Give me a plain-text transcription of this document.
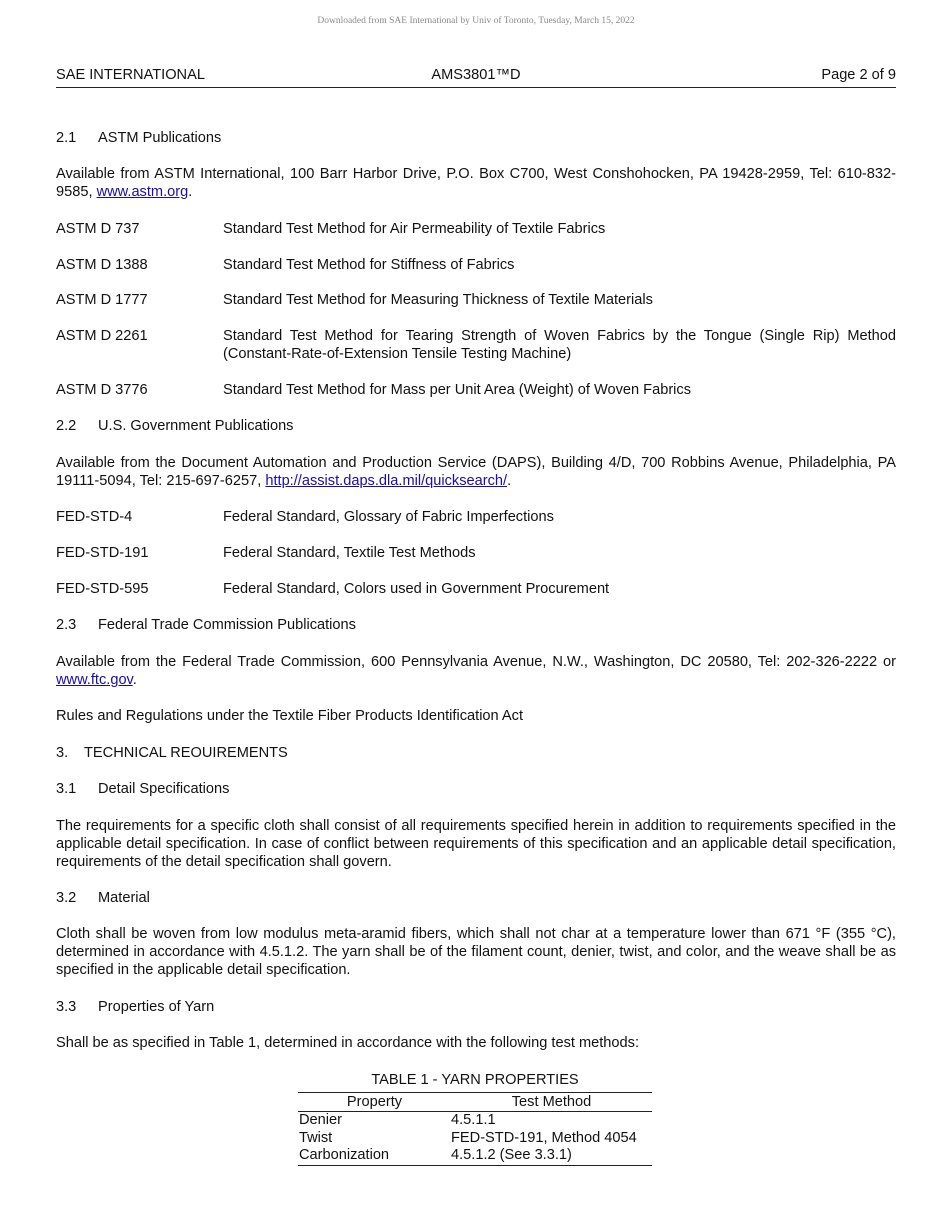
Downloaded from SAE International by Univ of Toronto, Tuesday, March 15, 2022
SAE INTERNATIONAL	AMS3801™D	Page 2 of 9
2.1 ASTM Publications
Available from ASTM International, 100 Barr Harbor Drive, P.O. Box C700, West Conshohocken, PA 19428-2959, Tel: 610-832-9585, www.astm.org.
ASTM D 737	Standard Test Method for Air Permeability of Textile Fabrics
ASTM D 1388	Standard Test Method for Stiffness of Fabrics
ASTM D 1777	Standard Test Method for Measuring Thickness of Textile Materials
ASTM D 2261	Standard Test Method for Tearing Strength of Woven Fabrics by the Tongue (Single Rip) Method (Constant-Rate-of-Extension Tensile Testing Machine)
ASTM D 3776	Standard Test Method for Mass per Unit Area (Weight) of Woven Fabrics
2.2 U.S. Government Publications
Available from the Document Automation and Production Service (DAPS), Building 4/D, 700 Robbins Avenue, Philadelphia, PA 19111-5094, Tel: 215-697-6257, http://assist.daps.dla.mil/quicksearch/.
FED-STD-4	Federal Standard, Glossary of Fabric Imperfections
FED-STD-191	Federal Standard, Textile Test Methods
FED-STD-595	Federal Standard, Colors used in Government Procurement
2.3 Federal Trade Commission Publications
Available from the Federal Trade Commission, 600 Pennsylvania Avenue, N.W., Washington, DC 20580, Tel: 202-326-2222 or www.ftc.gov.
Rules and Regulations under the Textile Fiber Products Identification Act
3. TECHNICAL REOUIREMENTS
3.1 Detail Specifications
The requirements for a specific cloth shall consist of all requirements specified herein in addition to requirements specified in the applicable detail specification. In case of conflict between requirements of this specification and an applicable detail specification, requirements of the detail specification shall govern.
3.2 Material
Cloth shall be woven from low modulus meta-aramid fibers, which shall not char at a temperature lower than 671 °F (355 °C), determined in accordance with 4.5.1.2. The yarn shall be of the filament count, denier, twist, and color, and the weave shall be as specified in the applicable detail specification.
3.3 Properties of Yarn
Shall be as specified in Table 1, determined in accordance with the following test methods:
TABLE 1 - YARN PROPERTIES
Property	Test Method
Denier	4.5.1.1
Twist	FED-STD-191, Method 4054
Carbonization	4.5.1.2 (See 3.3.1)
